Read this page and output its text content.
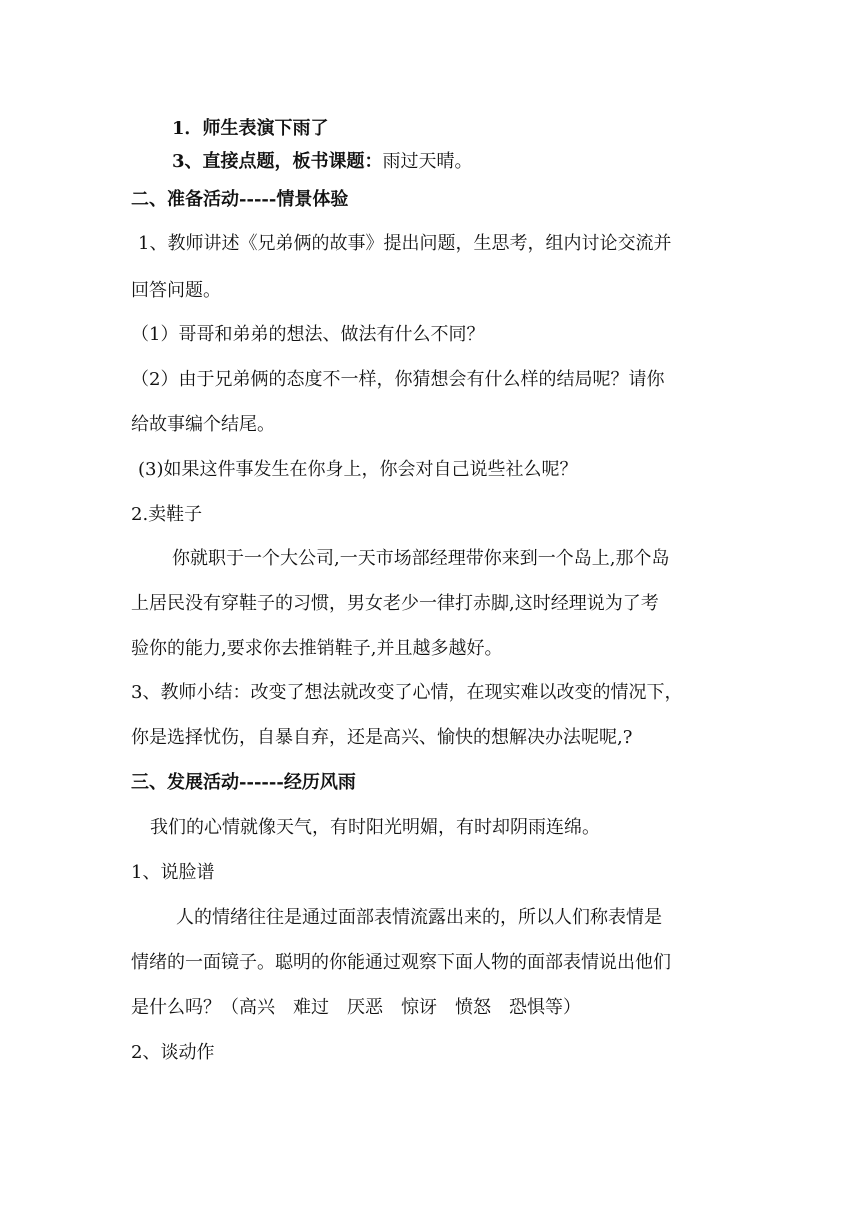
1．师生表演下雨了
3、直接点题，板书课题：雨过天晴。
二、准备活动-----情景体验
1、教师讲述《兄弟俩的故事》提出问题，生思考，组内讨论交流并
回答问题。
（1）哥哥和弟弟的想法、做法有什么不同？
（2）由于兄弟俩的态度不一样，你猜想会有什么样的结局呢？请你
给故事编个结尾。
(3)如果这件事发生在你身上，你会对自己说些社么呢？
2.卖鞋子
你就职于一个大公司,一天市场部经理带你来到一个岛上,那个岛
上居民没有穿鞋子的习惯，男女老少一律打赤脚,这时经理说为了考
验你的能力,要求你去推销鞋子,并且越多越好。
3、教师小结：改变了想法就改变了心情，在现实难以改变的情况下，
你是选择忧伤，自暴自弃，还是高兴、愉快的想解决办法呢呢,?
三、发展活动------经历风雨
我们的心情就像天气，有时阳光明媚，有时却阴雨连绵。
1、说脸谱
人的情绪往往是通过面部表情流露出来的，所以人们称表情是
情绪的一面镜子。聪明的你能通过观察下面人物的面部表情说出他们
是什么吗？（高兴　难过　厌恶　惊讶　愤怒　恐惧等）
2、谈动作
